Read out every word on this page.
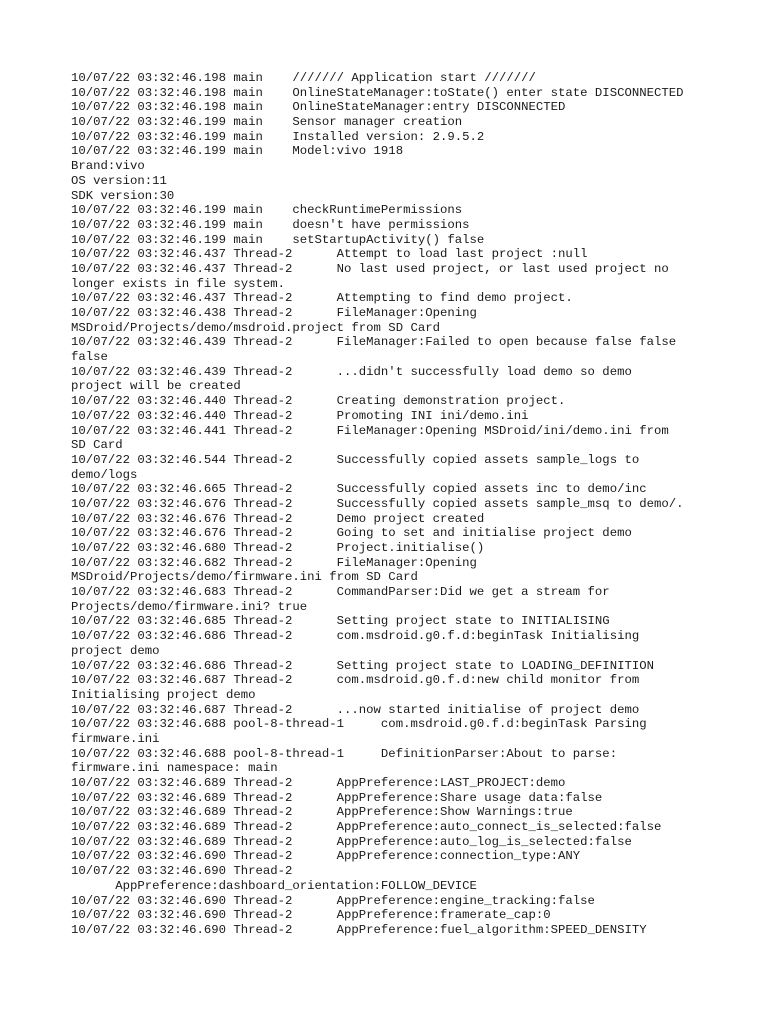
10/07/22 03:32:46.198 main    /////// Application start ///////
10/07/22 03:32:46.198 main    OnlineStateManager:toState() enter state DISCONNECTED
10/07/22 03:32:46.198 main    OnlineStateManager:entry DISCONNECTED
10/07/22 03:32:46.199 main    Sensor manager creation
10/07/22 03:32:46.199 main    Installed version: 2.9.5.2
10/07/22 03:32:46.199 main    Model:vivo 1918
Brand:vivo
OS version:11
SDK version:30
10/07/22 03:32:46.199 main    checkRuntimePermissions
10/07/22 03:32:46.199 main    doesn't have permissions
10/07/22 03:32:46.199 main    setStartupActivity() false
10/07/22 03:32:46.437 Thread-2      Attempt to load last project :null
10/07/22 03:32:46.437 Thread-2      No last used project, or last used project no
longer exists in file system.
10/07/22 03:32:46.437 Thread-2      Attempting to find demo project.
10/07/22 03:32:46.438 Thread-2      FileManager:Opening
MSDroid/Projects/demo/msdroid.project from SD Card
10/07/22 03:32:46.439 Thread-2      FileManager:Failed to open because false false
false
10/07/22 03:32:46.439 Thread-2      ...didn't successfully load demo so demo
project will be created
10/07/22 03:32:46.440 Thread-2      Creating demonstration project.
10/07/22 03:32:46.440 Thread-2      Promoting INI ini/demo.ini
10/07/22 03:32:46.441 Thread-2      FileManager:Opening MSDroid/ini/demo.ini from
SD Card
10/07/22 03:32:46.544 Thread-2      Successfully copied assets sample_logs to
demo/logs
10/07/22 03:32:46.665 Thread-2      Successfully copied assets inc to demo/inc
10/07/22 03:32:46.676 Thread-2      Successfully copied assets sample_msq to demo/.
10/07/22 03:32:46.676 Thread-2      Demo project created
10/07/22 03:32:46.676 Thread-2      Going to set and initialise project demo
10/07/22 03:32:46.680 Thread-2      Project.initialise()
10/07/22 03:32:46.682 Thread-2      FileManager:Opening
MSDroid/Projects/demo/firmware.ini from SD Card
10/07/22 03:32:46.683 Thread-2      CommandParser:Did we get a stream for
Projects/demo/firmware.ini? true
10/07/22 03:32:46.685 Thread-2      Setting project state to INITIALISING
10/07/22 03:32:46.686 Thread-2      com.msdroid.g0.f.d:beginTask Initialising
project demo
10/07/22 03:32:46.686 Thread-2      Setting project state to LOADING_DEFINITION
10/07/22 03:32:46.687 Thread-2      com.msdroid.g0.f.d:new child monitor from
Initialising project demo
10/07/22 03:32:46.687 Thread-2      ...now started initialise of project demo
10/07/22 03:32:46.688 pool-8-thread-1     com.msdroid.g0.f.d:beginTask Parsing
firmware.ini
10/07/22 03:32:46.688 pool-8-thread-1     DefinitionParser:About to parse:
firmware.ini namespace: main
10/07/22 03:32:46.689 Thread-2      AppPreference:LAST_PROJECT:demo
10/07/22 03:32:46.689 Thread-2      AppPreference:Share usage data:false
10/07/22 03:32:46.689 Thread-2      AppPreference:Show Warnings:true
10/07/22 03:32:46.689 Thread-2      AppPreference:auto_connect_is_selected:false
10/07/22 03:32:46.689 Thread-2      AppPreference:auto_log_is_selected:false
10/07/22 03:32:46.690 Thread-2      AppPreference:connection_type:ANY
10/07/22 03:32:46.690 Thread-2
AppPreference:dashboard_orientation:FOLLOW_DEVICE
10/07/22 03:32:46.690 Thread-2      AppPreference:engine_tracking:false
10/07/22 03:32:46.690 Thread-2      AppPreference:framerate_cap:0
10/07/22 03:32:46.690 Thread-2      AppPreference:fuel_algorithm:SPEED_DENSITY
